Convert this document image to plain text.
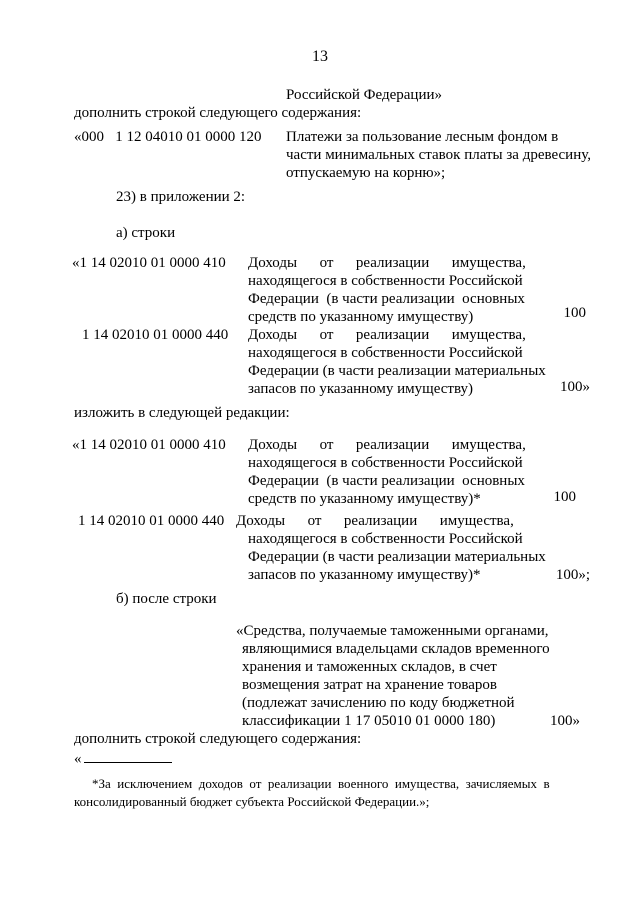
13
Российской Федерации»
дополнить строкой следующего содержания:
«000   1 12 04010 01 0000 120 Платежи за пользование лесным фондом в
части минимальных ставок платы за древесину,
отпускаемую на корню»;
23) в приложении 2:
а) строки
«1 14 02010 01 0000 410 Доходы      от      реализации      имущества,
находящегося в собственности Российской
Федерации  (в части реализации  основных
средств по указанному имуществу)	100
1 14 02010 01 0000 440 Доходы      от      реализации      имущества,
находящегося в собственности Российской
Федерации (в части реализации материальных
запасов по указанному имуществу)	100»
изложить в следующей редакции:
«1 14 02010 01 0000 410 Доходы      от      реализации      имущества,
находящегося в собственности Российской
Федерации  (в части реализации  основных
средств по указанному имуществу)*	100
1 14 02010 01 0000 440 Доходы      от      реализации      имущества,
находящегося в собственности Российской
Федерации (в части реализации материальных
запасов по указанному имуществу)*	100»;
б) после строки
«Средства, получаемые таможенными органами,
являющимися владельцами складов временного
хранения и таможенных складов, в счет
возмещения затрат на хранение товаров
(подлежат зачислению по коду бюджетной
классификации 1 17 05010 01 0000 180)	100»
дополнить строкой следующего содержания:
«
*За  исключением  доходов  от  реализации  военного  имущества,  зачисляемых  в
консолидированный бюджет субъекта Российской Федерации.»;
